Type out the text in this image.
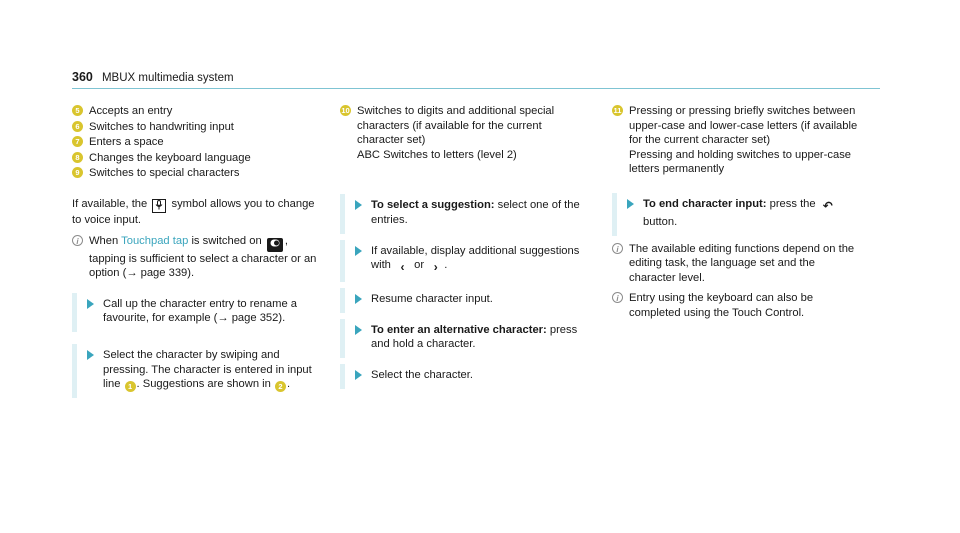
360 MBUX multimedia system
5 Accepts an entry
6 Switches to handwriting input
7 Enters a space
8 Changes the keyboard language
9 Switches to special characters

If available, the symbol allows you to change to voice input.

i When Touchpad tap is switched on , tapping is sufficient to select a character or an option (→ page 339).
Call up the character entry to rename a favourite, for example (→ page 352).
Select the character by swiping and pressing. The character is entered in input line 1 . Suggestions are shown in 2 .
10 Switches to digits and additional special characters (if available for the current character set)
ABC Switches to letters (level 2)
To select a suggestion: select one of the entries.
If available, display additional suggestions with ‹ or › .
Resume character input.
To enter an alternative character: press and hold a character.
Select the character.
11 Pressing or pressing briefly switches between upper-case and lower-case letters (if available for the current character set)
Pressing and holding switches to upper-case letters permanently
To end character input: press the ↶ button.
i The available editing functions depend on the editing task, the language set and the character level.
i Entry using the keyboard can also be completed using the Touch Control.
